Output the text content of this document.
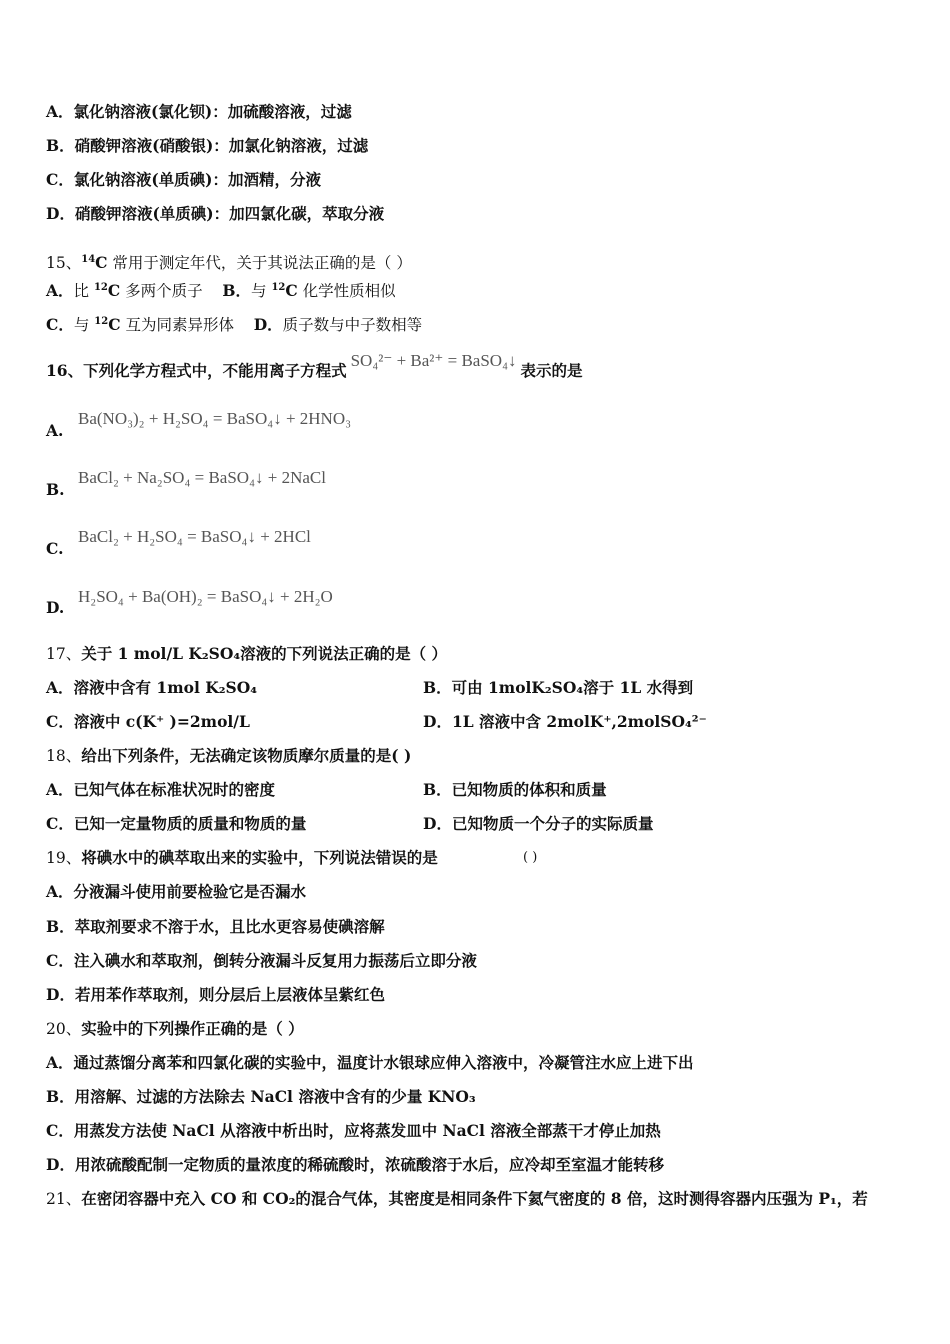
A．氯化钠溶液(氯化钡)：加硫酸溶液，过滤
B．硝酸钾溶液(硝酸银)：加氯化钠溶液，过滤
C．氯化钠溶液(单质碘)：加酒精，分液
D．硝酸钾溶液(单质碘)：加四氯化碳，萃取分液
15、$^{14}$C 常用于测定年代，关于其说法正确的是（ ）
A．比 $^{12}$C 多两个质子 B．与 $^{12}$C 化学性质相似
C．与 $^{12}$C 互为同素异形体 D．质子数与中子数相等
16、下列化学方程式中，不能用离子方程式SO₄²⁻ + Ba²⁺ = BaSO₄↓表示的是
A.
Ba(NO₃)₂ + H₂SO₄ = BaSO₄↓ + 2HNO₃
B.
BaCl₂ + Na₂SO₄ = BaSO₄↓ + 2NaCl
C.
BaCl₂ + H₂SO₄ = BaSO₄↓ + 2HCl
D.
H₂SO₄ + Ba(OH)₂ = BaSO₄↓ + 2H₂O
17、关于 1 mol/L K₂SO₄溶液的下列说法正确的是（ ）
A．溶液中含有 1mol K₂SO₄	B．可由 1molK₂SO₄溶于 1L 水得到
C．溶液中 c(K⁺ )=2mol/L	D．1L 溶液中含 2molK⁺,2molSO₄²⁻
18、给出下列条件，无法确定该物质摩尔质量的是( )
A．已知气体在标准状况时的密度	B．已知物质的体积和质量
C．已知一定量物质的质量和物质的量	D．已知物质一个分子的实际质量
19、将碘水中的碘萃取出来的实验中，下列说法错误的是	( )
A．分液漏斗使用前要检验它是否漏水
B．萃取剂要求不溶于水，且比水更容易使碘溶解
C．注入碘水和萃取剂，倒转分液漏斗反复用力振荡后立即分液
D．若用苯作萃取剂，则分层后上层液体呈紫红色
20、实验中的下列操作正确的是（ ）
A．通过蒸馏分离苯和四氯化碳的实验中，温度计水银球应伸入溶液中，冷凝管注水应上进下出
B．用溶解、过滤的方法除去 NaCl 溶液中含有的少量 KNO₃
C．用蒸发方法使 NaCl 从溶液中析出时，应将蒸发皿中 NaCl 溶液全部蒸干才停止加热
D．用浓硫酸配制一定物质的量浓度的稀硫酸时，浓硫酸溶于水后，应冷却至室温才能转移
21、在密闭容器中充入 CO 和 CO₂的混合气体，其密度是相同条件下氦气密度的 8 倍，这时测得容器内压强为 P₁，若
